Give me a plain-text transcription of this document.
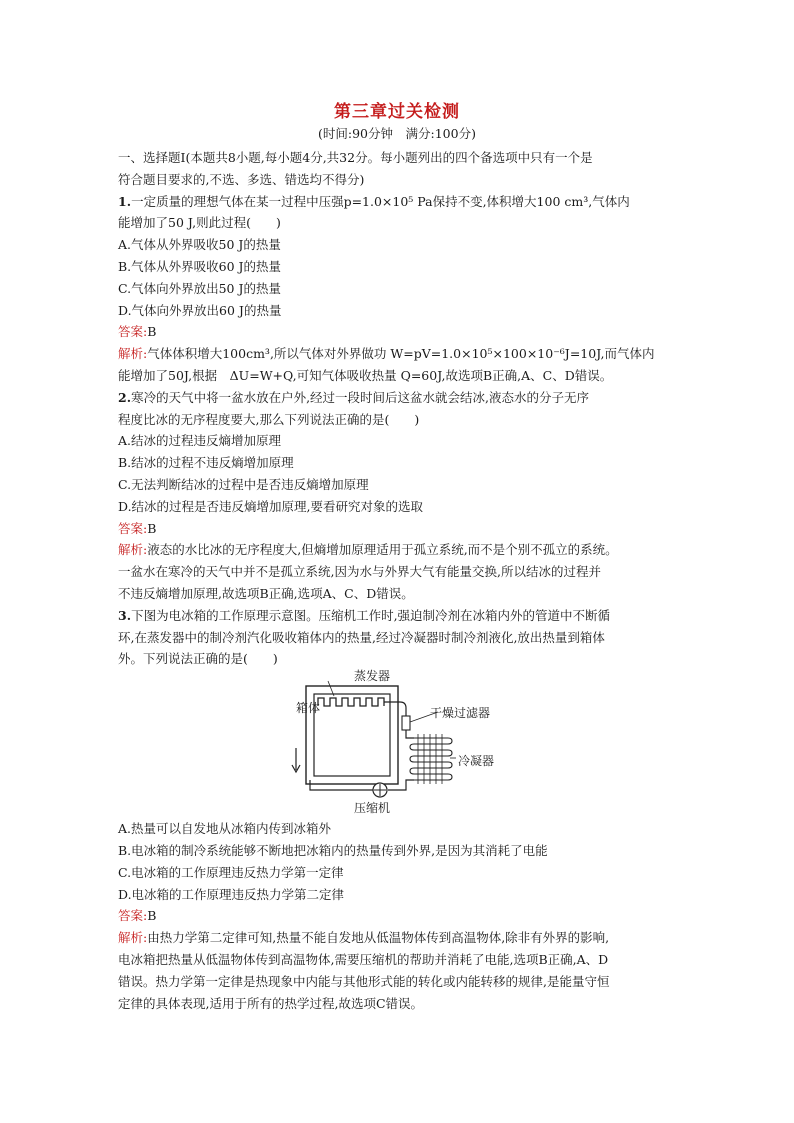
第三章过关检测
(时间:90分钟　满分:100分)

一、选择题Ⅰ(本题共8小题,每小题4分,共32分。每小题列出的四个备选项中只有一个是

符合题目要求的,不选、多选、错选均不得分)

1.一定质量的理想气体在某一过程中压强p=1.0×10⁵ Pa保持不变,体积增大100 cm³,气体内

能增加了50 J,则此过程(　　)

A.气体从外界吸收50 J的热量

B.气体从外界吸收60 J的热量

C.气体向外界放出50 J的热量

D.气体向外界放出60 J的热量

答案:B

解析:气体体积增大100cm³,所以气体对外界做功 W=pV=1.0×10⁵×100×10⁻⁶J=10J,而气体内

能增加了50J,根据　ΔU=W+Q,可知气体吸收热量 Q=60J,故选项B正确,A、C、D错误。

2.寒冷的天气中将一盆水放在户外,经过一段时间后这盆水就会结冰,液态水的分子无序

程度比冰的无序程度要大,那么下列说法正确的是(　　)

A.结冰的过程违反熵增加原理

B.结冰的过程不违反熵增加原理

C.无法判断结冰的过程中是否违反熵增加原理

D.结冰的过程是否违反熵增加原理,要看研究对象的选取

答案:B

解析:液态的水比冰的无序程度大,但熵增加原理适用于孤立系统,而不是个别不孤立的系统。

一盆水在寒冷的天气中并不是孤立系统,因为水与外界大气有能量交换,所以结冰的过程并

不违反熵增加原理,故选项B正确,选项A、C、D错误。

3.下图为电冰箱的工作原理示意图。压缩机工作时,强迫制冷剂在冰箱内外的管道中不断循

环,在蒸发器中的制冷剂汽化吸收箱体内的热量,经过冷凝器时制冷剂液化,放出热量到箱体

外。下列说法正确的是(　　)

蒸发器
箱体	干燥过滤器
冷凝器
压缩机

A.热量可以自发地从冰箱内传到冰箱外

B.电冰箱的制冷系统能够不断地把冰箱内的热量传到外界,是因为其消耗了电能

C.电冰箱的工作原理违反热力学第一定律

D.电冰箱的工作原理违反热力学第二定律

答案:B

解析:由热力学第二定律可知,热量不能自发地从低温物体传到高温物体,除非有外界的影响,

电冰箱把热量从低温物体传到高温物体,需要压缩机的帮助并消耗了电能,选项B正确,A、D

错误。热力学第一定律是热现象中内能与其他形式能的转化或内能转移的规律,是能量守恒

定律的具体表现,适用于所有的热学过程,故选项C错误。
